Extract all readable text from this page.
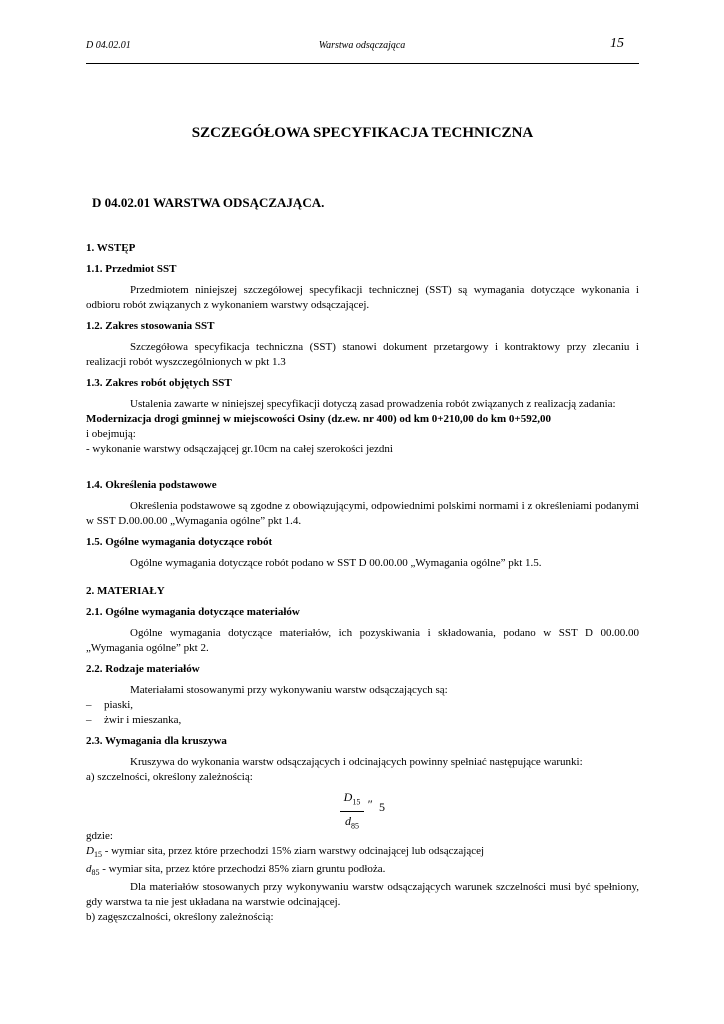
D 04.02.01	Warstwa odsączająca	15
SZCZEGÓŁOWA SPECYFIKACJA TECHNICZNA
D 04.02.01 WARSTWA ODSĄCZAJĄCA.

1. WSTĘP

1.1. Przedmiot SST

Przedmiotem niniejszej szczegółowej specyfikacji technicznej (SST) są wymagania dotyczące wykonania i odbioru robót związanych z wykonaniem warstwy odsączającej.

1.2. Zakres stosowania SST

Szczegółowa specyfikacja techniczna (SST) stanowi dokument przetargowy i kontraktowy przy zlecaniu i realizacji robót wyszczególnionych w pkt 1.3

1.3. Zakres robót objętych SST

Ustalenia zawarte w niniejszej specyfikacji dotyczą zasad prowadzenia robót związanych z realizacją zadania:

Modernizacja drogi gminnej w miejscowości Osiny (dz.ew. nr 400) od km 0+210,00 do km 0+592,00

i obejmują:

- wykonanie warstwy odsączającej gr.10cm na całej szerokości jezdni

1.4. Określenia podstawowe

Określenia podstawowe są zgodne z obowiązującymi, odpowiednimi polskimi normami i z określeniami podanymi w SST D.00.00.00 „Wymagania ogólne” pkt 1.4.

1.5. Ogólne wymagania dotyczące robót

Ogólne wymagania dotyczące robót podano w SST D 00.00.00 „Wymagania ogólne” pkt 1.5.

2. MATERIAŁY

2.1. Ogólne wymagania dotyczące materiałów

Ogólne wymagania dotyczące materiałów, ich pozyskiwania i składowania, podano w SST D 00.00.00 „Wymagania ogólne” pkt 2.

2.2. Rodzaje materiałów

Materiałami stosowanymi przy wykonywaniu warstw odsączających są:

– piaski,

– żwir i mieszanka,

2.3. Wymagania dla kruszywa

Kruszywa do wykonania warstw odsączających i odcinających powinny spełniać następujące warunki:

a) szczelności, określony zależnością:

$D_{15}$
$d_{85}$
″ 5

gdzie:

$D_{15}$ - wymiar sita, przez które przechodzi 15% ziarn warstwy odcinającej lub odsączającej

$d_{85}$ - wymiar sita, przez które przechodzi 85% ziarn gruntu podłoża.

Dla materiałów stosowanych przy wykonywaniu warstw odsączających warunek szczelności musi być spełniony, gdy warstwa ta nie jest układana na warstwie odcinającej.

b) zagęszczalności, określony zależnością:
